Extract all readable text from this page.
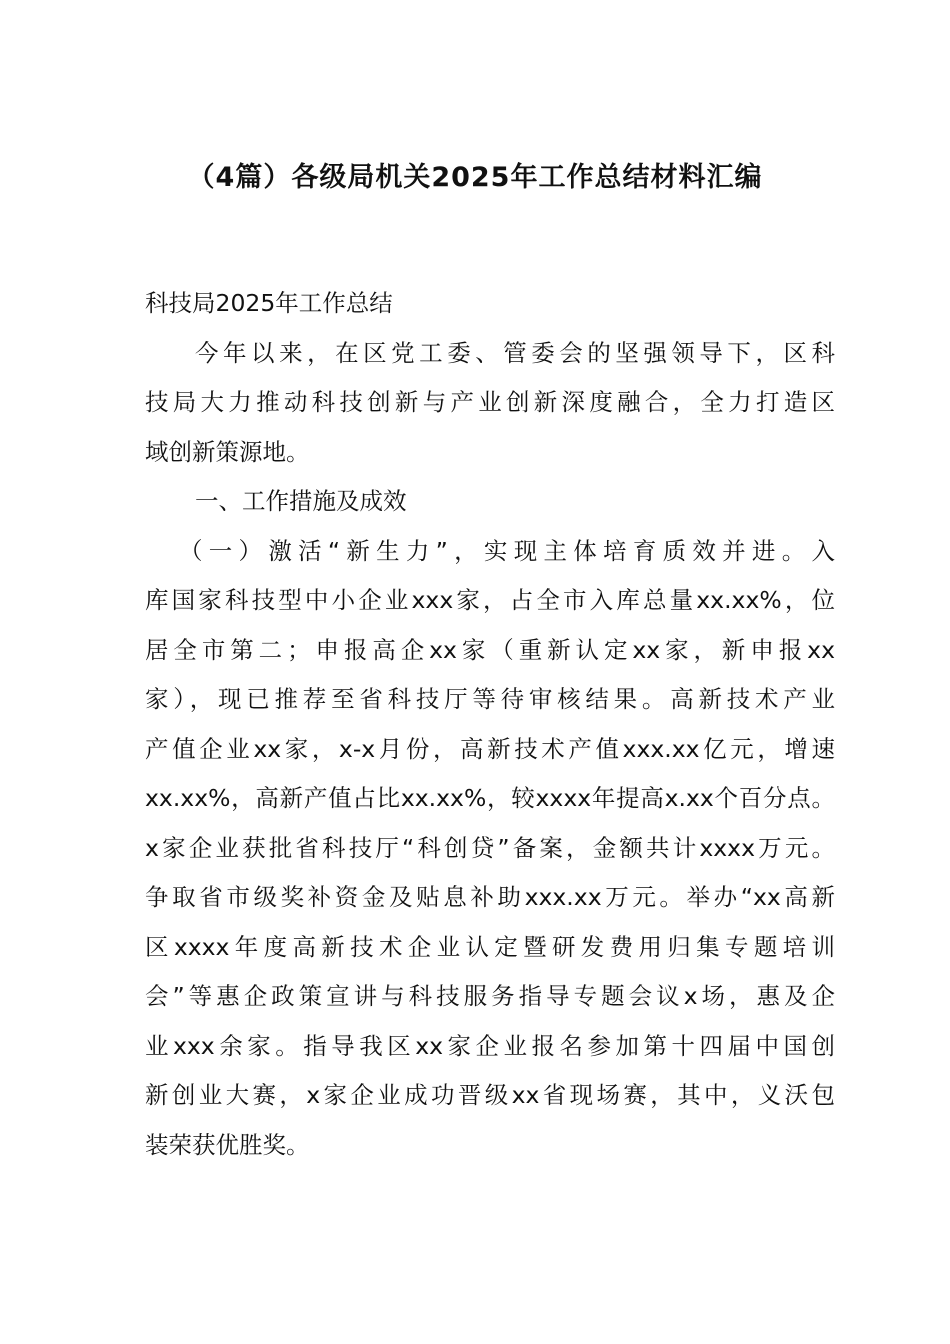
（4篇）各级局机关2025年工作总结材料汇编
科技局2025年工作总结
今年以来，在区党工委、管委会的坚强领导下，区科
技局大力推动科技创新与产业创新深度融合，全力打造区
域创新策源地。
一、工作措施及成效
（一）激活“新生力”，实现主体培育质效并进。入
库国家科技型中小企业xxx家，占全市入库总量xx.xx%，位
居全市第二；申报高企xx家（重新认定xx家，新申报xx
家），现已推荐至省科技厅等待审核结果。高新技术产业
产值企业xx家，x-x月份，高新技术产值xxx.xx亿元，增速
xx.xx%，高新产值占比xx.xx%，较xxxx年提高x.xx个百分点。
x家企业获批省科技厅“科创贷”备案，金额共计xxxx万元。
争取省市级奖补资金及贴息补助xxx.xx万元。举办“xx高新
区xxxx年度高新技术企业认定暨研发费用归集专题培训
会”等惠企政策宣讲与科技服务指导专题会议x场，惠及企
业xxx余家。指导我区xx家企业报名参加第十四届中国创
新创业大赛，x家企业成功晋级xx省现场赛，其中，义沃包
装荣获优胜奖。
